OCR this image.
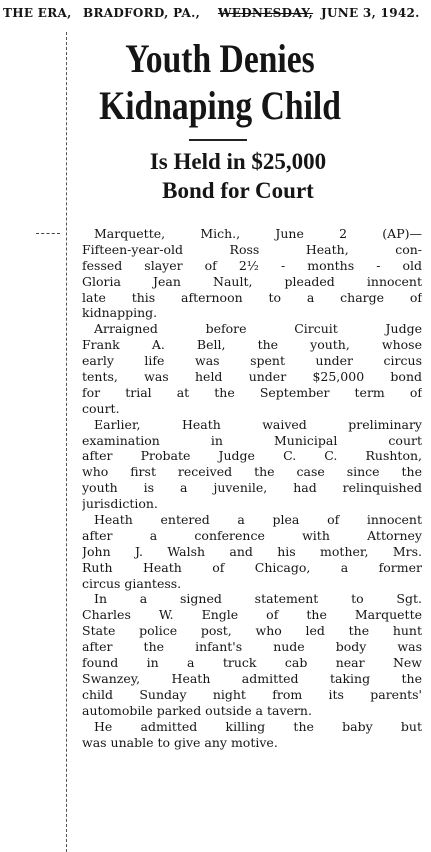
THE ERA, BRADFORD, PA., WEDNESDAY, JUNE 3, 1942.
Youth Denies
Kidnaping Child
Is Held in $25,000
Bond for Court
Marquette, Mich., June 2 (AP)—
Fifteen-year-old Ross Heath, con-
fessed slayer of 2½ - months - old
Gloria Jean Nault, pleaded innocent
late this afternoon to a charge of
kidnapping.
Arraigned before Circuit Judge
Frank A. Bell, the youth, whose
early life was spent under circus
tents, was held under $25,000 bond
for trial at the September term of
court.
Earlier, Heath waived preliminary
examination in Municipal court
after Probate Judge C. C. Rushton,
who first received the case since the
youth is a juvenile, had relinquished
jurisdiction.
Heath entered a plea of innocent
after a conference with Attorney
John J. Walsh and his mother, Mrs.
Ruth Heath of Chicago, a former
circus giantess.
In a signed statement to Sgt.
Charles W. Engle of the Marquette
State police post, who led the hunt
after the infant's nude body was
found in a truck cab near New
Swanzey, Heath admitted taking the
child Sunday night from its parents'
automobile parked outside a tavern.
He admitted killing the baby but
was unable to give any motive.
